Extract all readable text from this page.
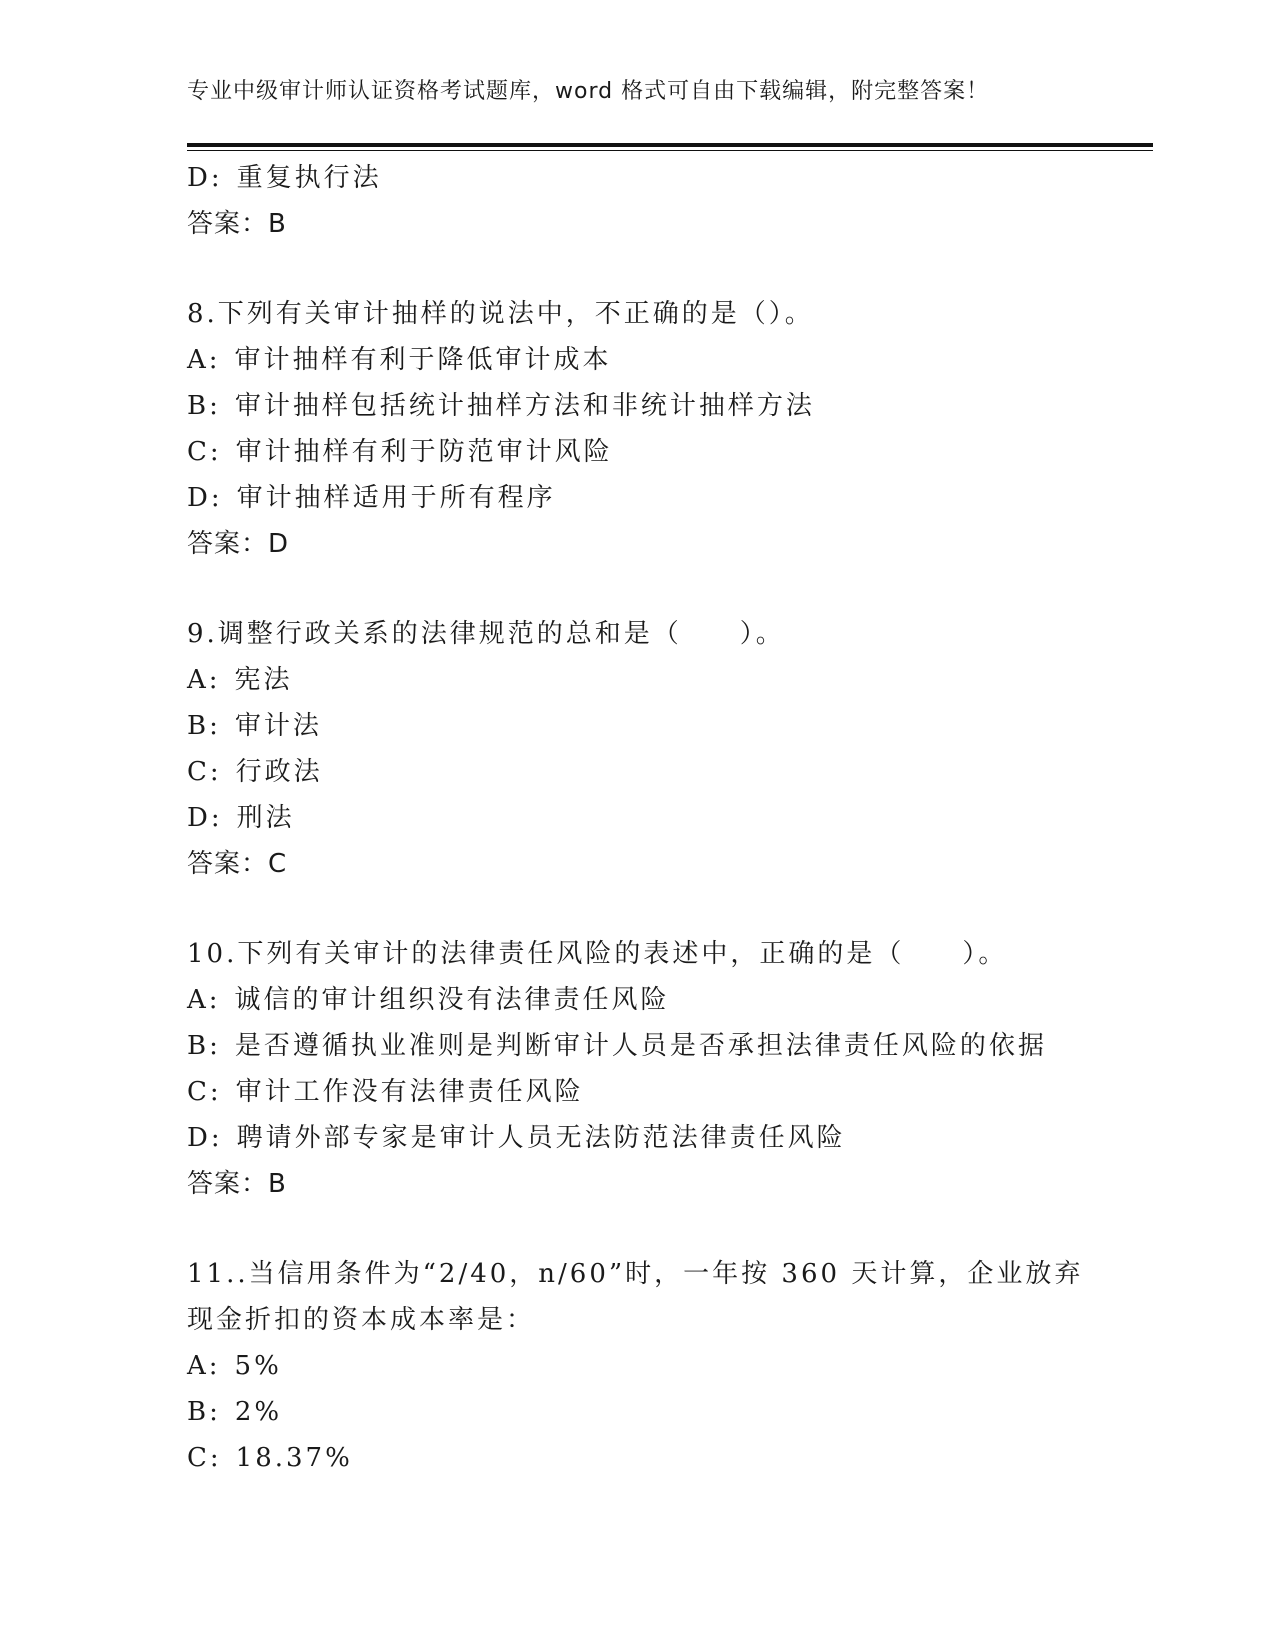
专业中级审计师认证资格考试题库，word 格式可自由下载编辑，附完整答案！
D: 重复执行法
答案：B
8.下列有关审计抽样的说法中，不正确的是（）。
A: 审计抽样有利于降低审计成本
B: 审计抽样包括统计抽样方法和非统计抽样方法
C: 审计抽样有利于防范审计风险
D: 审计抽样适用于所有程序
答案：D
9.调整行政关系的法律规范的总和是（　　）。
A: 宪法
B: 审计法
C: 行政法
D: 刑法
答案：C
10.下列有关审计的法律责任风险的表述中，正确的是（　　）。
A: 诚信的审计组织没有法律责任风险
B: 是否遵循执业准则是判断审计人员是否承担法律责任风险的依据
C: 审计工作没有法律责任风险
D: 聘请外部专家是审计人员无法防范法律责任风险
答案：B
11..当信用条件为“2/40，n/60”时，一年按 360 天计算，企业放弃
现金折扣的资本成本率是：
A: 5%
B: 2%
C: 18.37%
